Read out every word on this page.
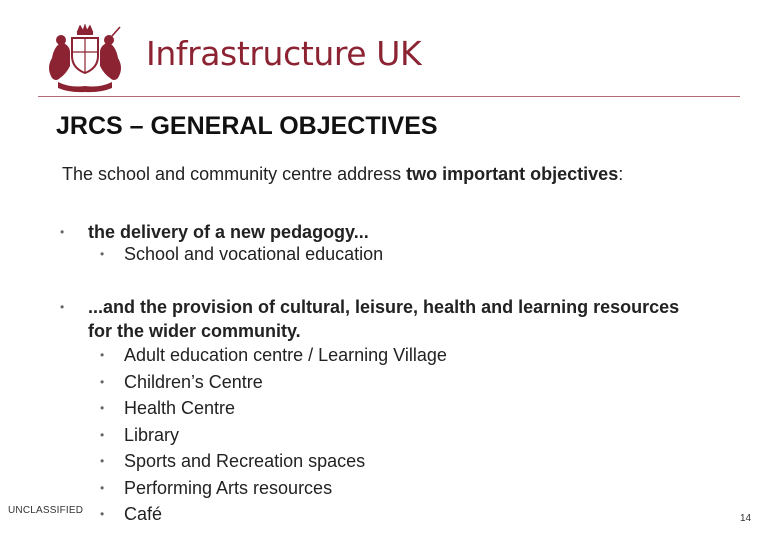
Infrastructure UK
JRCS – GENERAL OBJECTIVES
The school and community centre address two important objectives:
• the delivery of a new pedagogy...
• School and vocational education
• ...and the provision of cultural, leisure, health and learning resources for the wider community.
• Adult education centre / Learning Village
• Children’s Centre
• Health Centre
• Library
• Sports and Recreation spaces
• Performing Arts resources
• Café
UNCLASSIFIED
14
